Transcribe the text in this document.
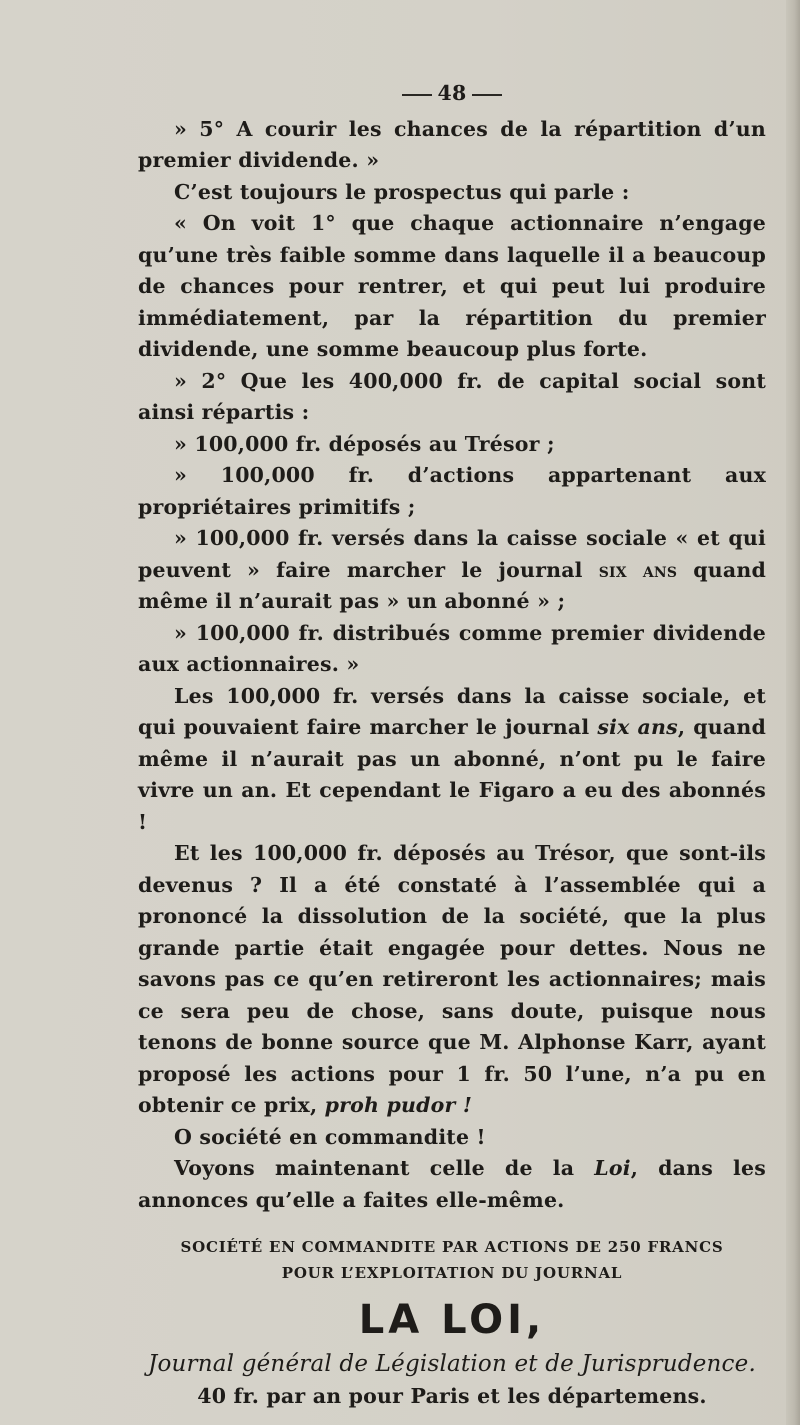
48

» 5° A courir les chances de la répartition d’un premier dividende. »

C’est toujours le prospectus qui parle :

« On voit 1° que chaque actionnaire n’engage qu’une très faible somme dans laquelle il a beaucoup de chances pour rentrer, et qui peut lui produire immédiatement, par la répartition du premier dividende, une somme beaucoup plus forte.

» 2° Que les 400,000 fr. de capital social sont ainsi répartis :

» 100,000 fr. déposés au Trésor ;

» 100,000 fr. d’actions appartenant aux propriétaires primitifs ;

» 100,000 fr. versés dans la caisse sociale « et qui peuvent » faire marcher le journal six ans quand même il n’aurait pas » un abonné » ;

» 100,000 fr. distribués comme premier dividende aux actionnaires. »

Les 100,000 fr. versés dans la caisse sociale, et qui pouvaient faire marcher le journal six ans, quand même il n’aurait pas un abonné, n’ont pu le faire vivre un an. Et cependant le Figaro a eu des abonnés !

Et les 100,000 fr. déposés au Trésor, que sont-ils devenus ? Il a été constaté à l’assemblée qui a prononcé la dissolution de la société, que la plus grande partie était engagée pour dettes. Nous ne savons pas ce qu’en retireront les actionnaires; mais ce sera peu de chose, sans doute, puisque nous tenons de bonne source que M. Alphonse Karr, ayant proposé les actions pour 1 fr. 50 l’une, n’a pu en obtenir ce prix, proh pudor !

O société en commandite !

Voyons maintenant celle de la Loi, dans les annonces qu’elle a faites elle-même.

SOCIÉTÉ EN COMMANDITE PAR ACTIONS DE 250 FRANCS
POUR L’EXPLOITATION DU JOURNAL
LA LOI,
Journal général de Législation et de Jurisprudence.
40 fr. par an pour Paris et les départemens.
